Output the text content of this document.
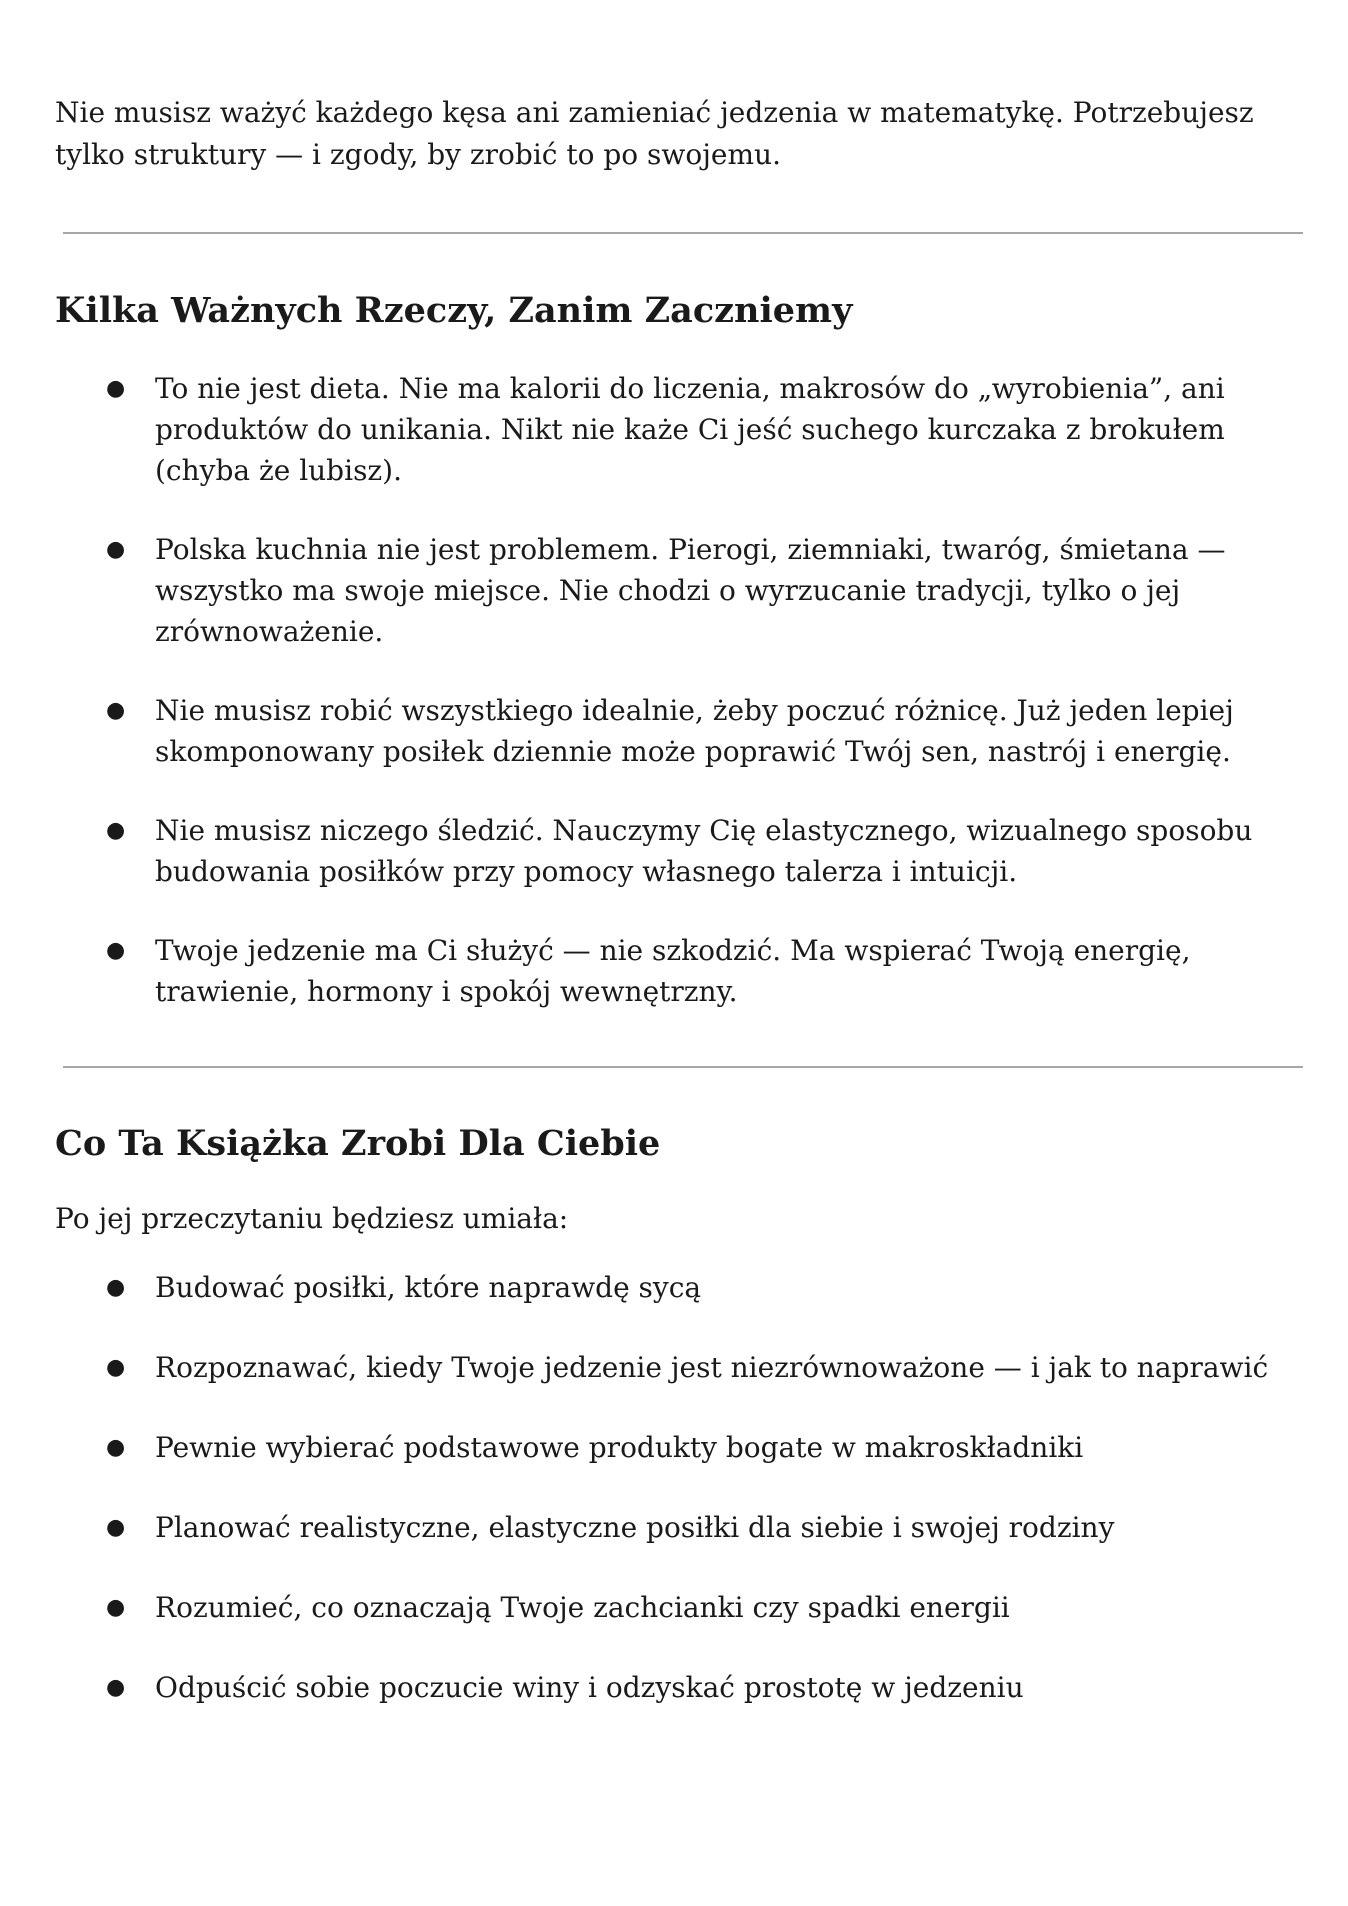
Nie musisz ważyć każdego kęsa ani zamieniać jedzenia w matematykę. Potrzebujesz tylko struktury — i zgody, by zrobić to po swojemu.

Kilka Ważnych Rzeczy, Zanim Zaczniemy
● To nie jest dieta. Nie ma kalorii do liczenia, makrosów do „wyrobienia”, ani produktów do unikania. Nikt nie każe Ci jeść suchego kurczaka z brokułem (chyba że lubisz).
● Polska kuchnia nie jest problemem. Pierogi, ziemniaki, twaróg, śmietana — wszystko ma swoje miejsce. Nie chodzi o wyrzucanie tradycji, tylko o jej zrównoważenie.
● Nie musisz robić wszystkiego idealnie, żeby poczuć różnicę. Już jeden lepiej skomponowany posiłek dziennie może poprawić Twój sen, nastrój i energię.
● Nie musisz niczego śledzić. Nauczymy Cię elastycznego, wizualnego sposobu budowania posiłków przy pomocy własnego talerza i intuicji.
● Twoje jedzenie ma Ci służyć — nie szkodzić. Ma wspierać Twoją energię, trawienie, hormony i spokój wewnętrzny.
Co Ta Książka Zrobi Dla Ciebie

Po jej przeczytaniu będziesz umiała:

● Budować posiłki, które naprawdę sycą
● Rozpoznawać, kiedy Twoje jedzenie jest niezrównoważone — i jak to naprawić
● Pewnie wybierać podstawowe produkty bogate w makroskładniki
● Planować realistyczne, elastyczne posiłki dla siebie i swojej rodziny
● Rozumieć, co oznaczają Twoje zachcianki czy spadki energii
● Odpuścić sobie poczucie winy i odzyskać prostotę w jedzeniu
